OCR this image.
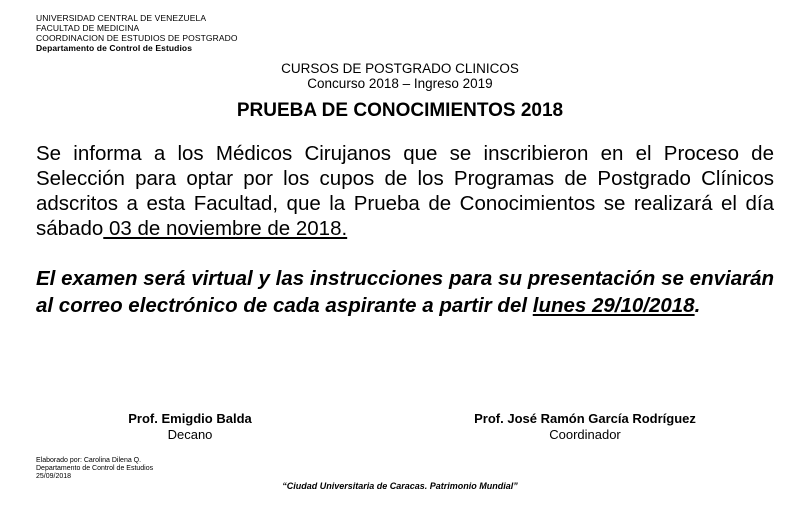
UNIVERSIDAD CENTRAL DE VENEZUELA
FACULTAD DE MEDICINA
COORDINACION DE ESTUDIOS DE POSTGRADO
Departamento de Control de Estudios
CURSOS DE POSTGRADO CLINICOS
Concurso 2018 – Ingreso 2019
PRUEBA DE CONOCIMIENTOS 2018
Se informa a los Médicos Cirujanos que se inscribieron en el Proceso de Selección para optar por los cupos de los Programas de Postgrado Clínicos adscritos a esta Facultad, que la Prueba de Conocimientos se realizará el día sábado 03 de noviembre de 2018.
El examen será virtual y las instrucciones para su presentación se enviarán al correo electrónico de cada aspirante a partir del lunes 29/10/2018.
Prof. Emigdio Balda
Decano
Prof. José Ramón García Rodríguez
Coordinador
Elaborado por: Carolina Dilena Q.
Departamento de Control de Estudios
25/09/2018
“Ciudad Universitaria de Caracas. Patrimonio Mundial”
